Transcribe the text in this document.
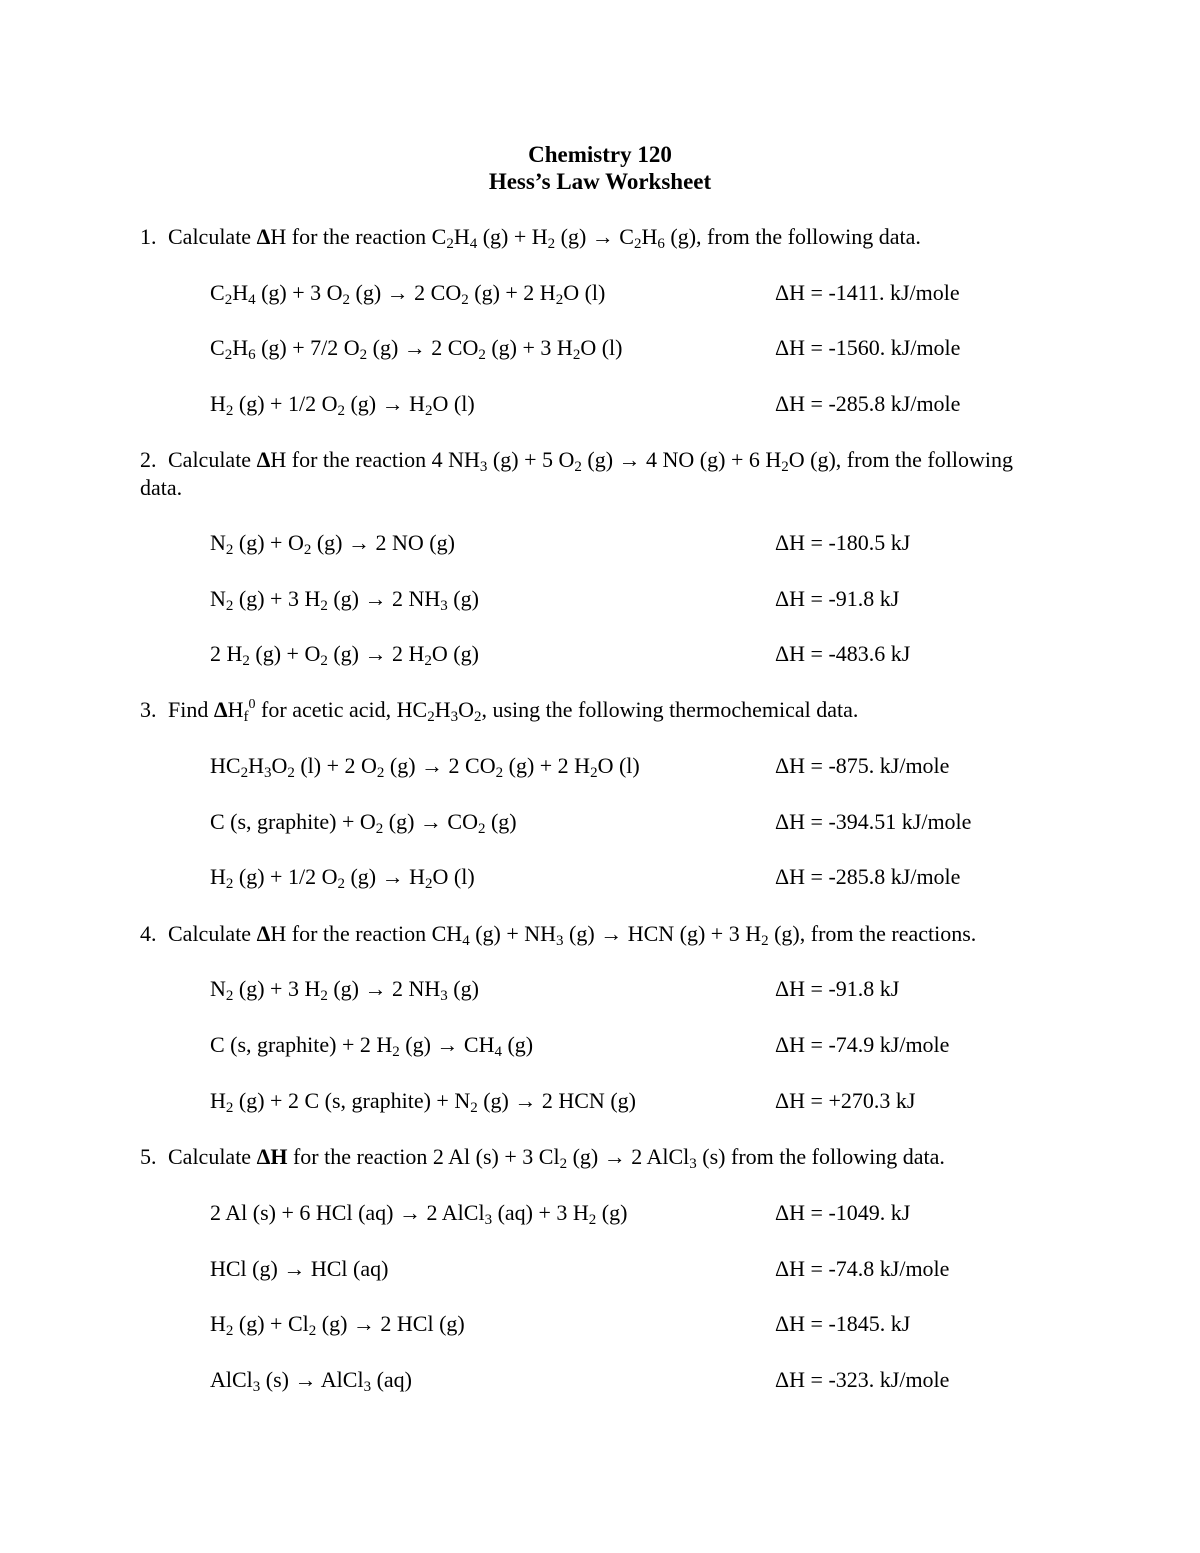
Chemistry 120
Hess’s Law Worksheet
1. Calculate ΔH for the reaction $C_2H_4$ $(g) + H_2$ $(g) \to C_2H_6$ (g), from the following data.
$C_2H_4$ (g) + 3 $O_2$ (g) → 2 $CO_2$ (g) + 2 $H_2O$ (l)	ΔH = -1411. kJ/mole
$C_2H_6$ (g) + 7/2 $O_2$ (g) → 2 $CO_2$ (g) + 3 $H_2O$ (l)	ΔH = -1560. kJ/mole
$H_2$ (g) + 1/2 $O_2$ $(g) \to H_2O$ (l)	ΔH = -285.8 kJ/mole
2. Calculate ΔH for the reaction 4 $NH_3$ (g) + 5 $O_2$ (g) → 4 NO (g) + 6 $H_2O$ (g), from the following data.
$N_2$ $(g) + O_2$ (g) → 2 NO (g)	ΔH = -180.5 kJ
$N_2$ (g) + 3 $H_2$ (g) → 2 $NH_3$ (g)	ΔH = -91.8 kJ
2 $H_2$ $(g) + O_2$ (g) → 2 $H_2O$ (g)	ΔH = -483.6 kJ
3. Find $\Delta H_f^0$ for acetic acid, $HC_2H_3O_2$, using the following thermochemical data.
$HC_2H_3O_2$ (l) + 2 $O_2$ (g) → 2 $CO_2$ (g) + 2 $H_2O$ (l)	ΔH = -875. kJ/mole
C (s, graphite) + $O_2$ $(g) \to CO_2$ (g)	ΔH = -394.51 kJ/mole
$H_2$ (g) + 1/2 $O_2$ $(g) \to H_2O$ (l)	ΔH = -285.8 kJ/mole
4. Calculate ΔH for the reaction $CH_4$ $(g) + NH_3$ (g) → HCN (g) + 3 $H_2$ (g), from the reactions.
$N_2$ (g) + 3 $H_2$ (g) → 2 $NH_3$ (g)	ΔH = -91.8 kJ
C (s, graphite) + 2 $H_2$ $(g) \to CH_4$ (g)	ΔH = -74.9 kJ/mole
$H_2$ (g) + 2 C (s, graphite) + $N_2$ (g) → 2 HCN (g)	ΔH = +270.3 kJ
5. Calculate ΔH for the reaction 2 Al (s) + 3 $Cl_2$ (g) → 2 AlCl$_3$ (s) from the following data.
2 Al (s) + 6 HCl (aq) → 2 AlCl$_3$ (aq) + 3 $H_2$ (g)	ΔH = -1049. kJ
HCl (g) → HCl (aq)	ΔH = -74.8 kJ/mole
$H_2$ $(g) + Cl_2$ (g) → 2 HCl (g)	ΔH = -1845. kJ
AlCl$_3$ (s) → AlCl$_3$ (aq)	ΔH = -323. kJ/mole
